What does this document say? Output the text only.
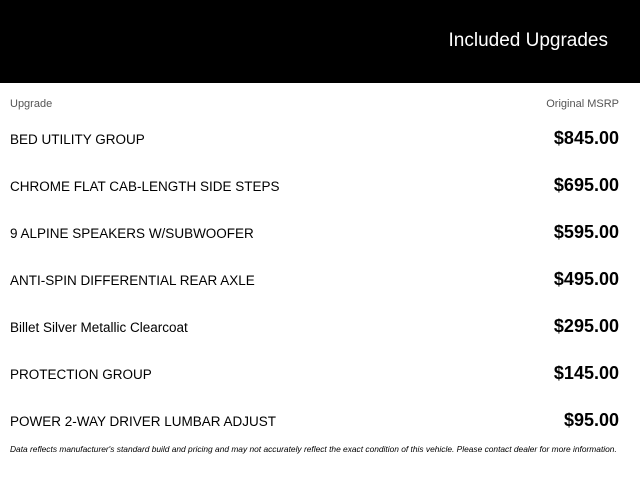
Included Upgrades
Upgrade	Original MSRP
BED UTILITY GROUP	$845.00
CHROME FLAT CAB-LENGTH SIDE STEPS	$695.00
9 ALPINE SPEAKERS W/SUBWOOFER	$595.00
ANTI-SPIN DIFFERENTIAL REAR AXLE	$495.00
Billet Silver Metallic Clearcoat	$295.00
PROTECTION GROUP	$145.00
POWER 2-WAY DRIVER LUMBAR ADJUST	$95.00
Data reflects manufacturer's standard build and pricing and may not accurately reflect the exact condition of this vehicle. Please contact dealer for more information.
